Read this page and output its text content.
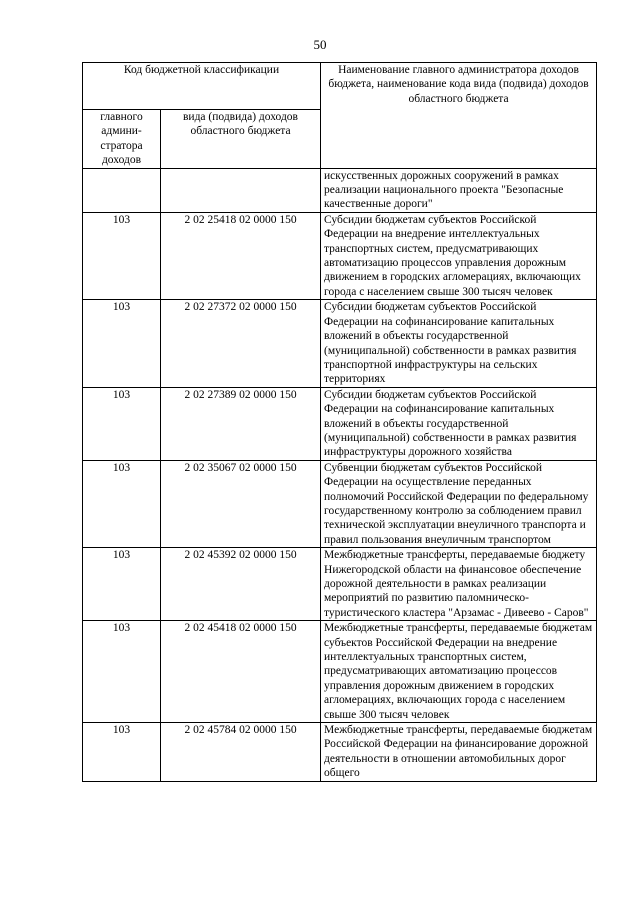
50
Код бюджетной классификации		Наименование главного администратора доходов бюджета, наименование кода вида (подвида) доходов областного бюджета
главного админи-стратора доходов	вида (подвида) доходов областного бюджета	
		искусственных дорожных сооружений в рамках реализации национального проекта "Безопасные качественные дороги"
103	2 02 25418 02 0000 150	Субсидии бюджетам субъектов Российской Федерации на внедрение интеллектуальных транспортных систем, предусматривающих автоматизацию процессов управления дорожным движением в городских агломерациях, включающих города с населением свыше 300 тысяч человек
103	2 02 27372 02 0000 150	Субсидии бюджетам субъектов Российской Федерации на софинансирование капитальных вложений в объекты государственной (муниципальной) собственности в рамках развития транспортной инфраструктуры на сельских территориях
103	2 02 27389 02 0000 150	Субсидии бюджетам субъектов Российской Федерации на софинансирование капитальных вложений в объекты государственной (муниципальной) собственности в рамках развития инфраструктуры дорожного хозяйства
103	2 02 35067 02 0000 150	Субвенции бюджетам субъектов Российской Федерации на осуществление переданных полномочий Российской Федерации по федеральному государственному контролю за соблюдением правил технической эксплуатации внеуличного транспорта и правил пользования внеуличным транспортом
103	2 02 45392 02 0000 150	Межбюджетные трансферты, передаваемые бюджету Нижегородской области на финансовое обеспечение дорожной деятельности в рамках реализации мероприятий по развитию паломническо-туристического кластера "Арзамас - Дивеево - Саров"
103	2 02 45418 02 0000 150	Межбюджетные трансферты, передаваемые бюджетам субъектов Российской Федерации на внедрение интеллектуальных транспортных систем, предусматривающих автоматизацию процессов управления дорожным движением в городских агломерациях, включающих города с населением свыше 300 тысяч человек
103	2 02 45784 02 0000 150	Межбюджетные трансферты, передаваемые бюджетам Российской Федерации на финансирование дорожной деятельности в отношении автомобильных дорог общего
